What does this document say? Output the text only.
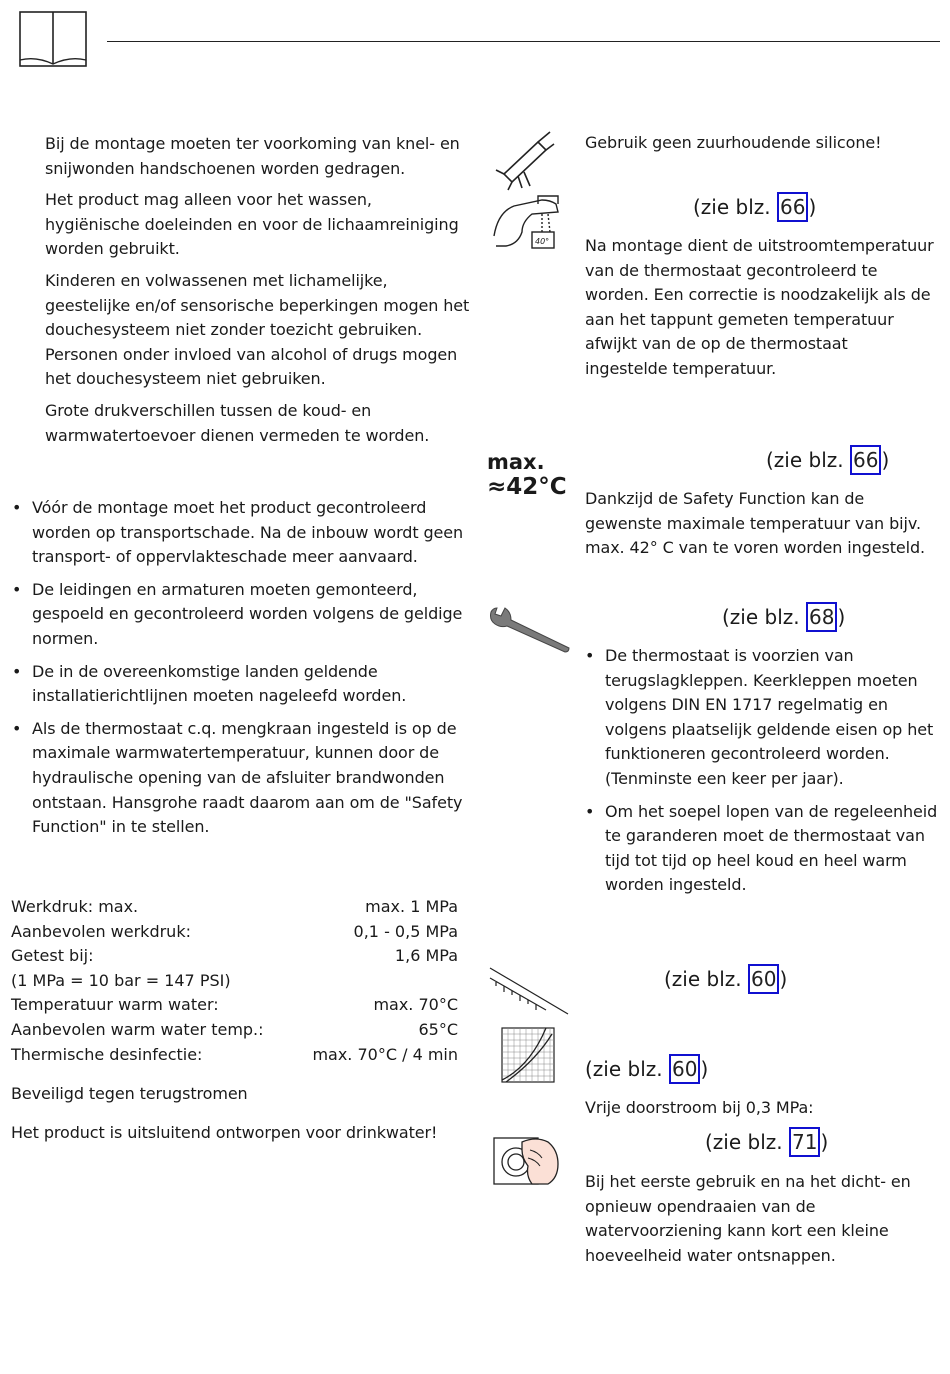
Bij de montage moeten ter voorkoming van knel- en snijwonden handschoenen worden gedragen.

Het product mag alleen voor het wassen, hygiënische doeleinden en voor de lichaamreiniging worden gebruikt.

Kinderen en volwassenen met lichamelijke, geestelijke en/of sensorische beperkingen mogen het douchesysteem niet zonder toezicht gebruiken. Personen onder invloed van alcohol of drugs mogen het douchesysteem niet gebruiken.

Grote drukverschillen tussen de koud- en warmwatertoevoer dienen vermeden te worden.

• Vóór de montage moet het product gecontroleerd worden op transportschade. Na de inbouw wordt geen transport- of oppervlakteschade meer aanvaard.
• De leidingen en armaturen moeten gemonteerd, gespoeld en gecontroleerd worden volgens de geldige normen.
• De in de overeenkomstige landen geldende installatierichtlijnen moeten nageleefd worden.
• Als de thermostaat c.q. mengkraan ingesteld is op de maximale warmwatertemperatuur, kunnen door de hydraulische opening van de afsluiter brandwonden ontstaan. Hansgrohe raadt daarom aan om de "Safety Function" in te stellen.
Werkdruk: max.	max. 1 MPa
Aanbevolen werkdruk:	0,1 - 0,5 MPa
Getest bij:	1,6 MPa
(1 MPa = 10 bar = 147 PSI)
Temperatuur warm water:	max. 70°C
Aanbevolen warm water temp.:	65°C
Thermische desinfectie:	max. 70°C / 4 min
Beveiligd tegen terugstromen
Het product is uitsluitend ontworpen voor drinkwater!
40°
max.
≈42°C
Gebruik geen zuurhoudende silicone!
(zie blz. 66 )
Na montage dient de uitstroomtemperatuur van de thermostaat gecontroleerd te worden. Een correctie is noodzakelijk als de aan het tappunt gemeten temperatuur afwijkt van de op de thermostaat ingestelde temperatuur.
(zie blz. 66 )
Dankzijd de Safety Function kan de gewenste maximale temperatuur van bijv. max. 42° C van te voren worden ingesteld.
(zie blz. 68 )
• De thermostaat is voorzien van terugslagkleppen. Keerkleppen moeten volgens DIN EN 1717 regelmatig en volgens plaatselijk geldende eisen op het funktioneren gecontroleerd worden. (Tenminste een keer per jaar).
• Om het soepel lopen van de regeleenheid te garanderen moet de thermostaat van tijd tot tijd op heel koud en heel warm worden ingesteld.
(zie blz. 60 )
(zie blz. 60 )
Vrije doorstroom bij 0,3 MPa:
(zie blz. 71 )
Bij het eerste gebruik en na het dicht- en opnieuw opendraaien van de watervoorziening kann kort een kleine hoeveelheid water ontsnappen.
